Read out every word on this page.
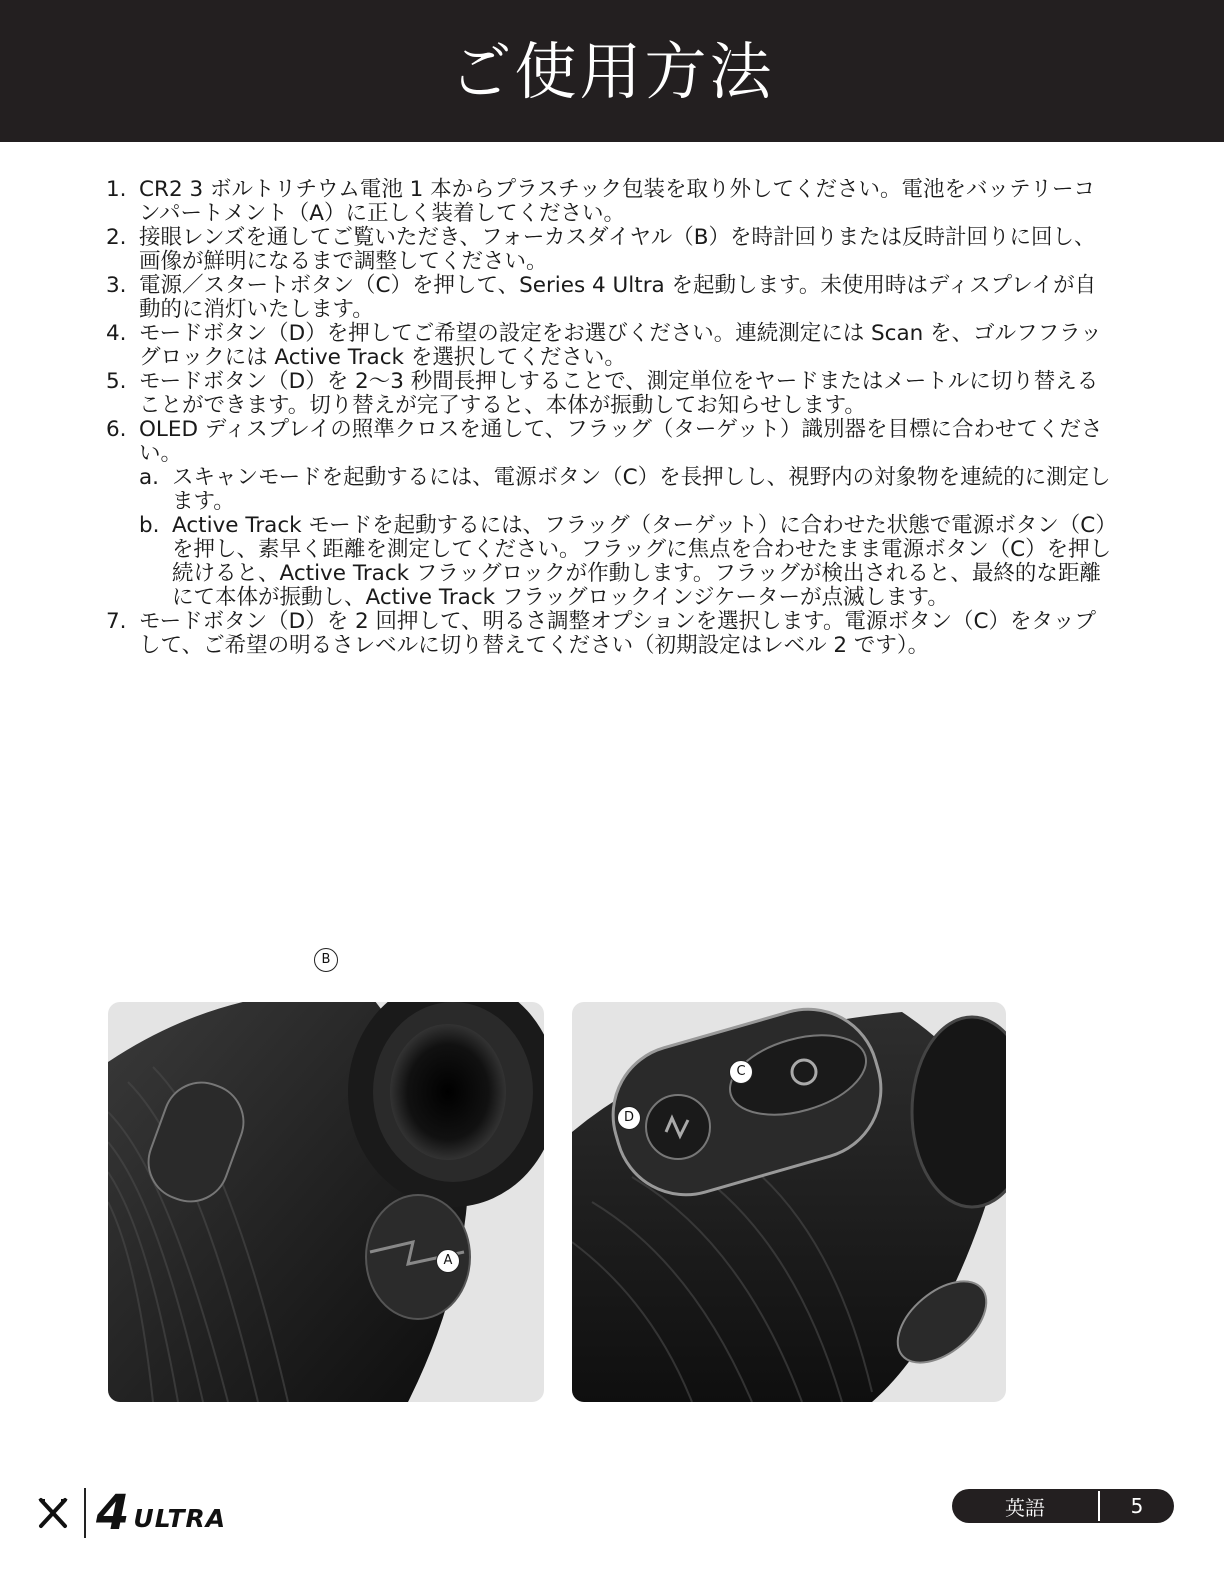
ご使用方法
1. CR2 3 ボルトリチウム電池 1 本からプラスチック包装を取り外してください。電池をバッテリーコンパートメント（A）に正しく装着してください。
2. 接眼レンズを通してご覧いただき、フォーカスダイヤル（B）を時計回りまたは反時計回りに回し、画像が鮮明になるまで調整してください。
3. 電源／スタートボタン（C）を押して、Series 4 Ultra を起動します。未使用時はディスプレイが自動的に消灯いたします。
4. モードボタン（D）を押してご希望の設定をお選びください。連続測定には Scan を、ゴルフフラッグロックには Active Track を選択してください。
5. モードボタン（D）を 2〜3 秒間長押しすることで、測定単位をヤードまたはメートルに切り替えることができます。切り替えが完了すると、本体が振動してお知らせします。
6. OLED ディスプレイの照準クロスを通して、フラッグ（ターゲット）識別器を目標に合わせてください。
a. スキャンモードを起動するには、電源ボタン（C）を長押しし、視野内の対象物を連続的に測定します。
b. Active Track モードを起動するには、フラッグ（ターゲット）に合わせた状態で電源ボタン（C）を押し、素早く距離を測定してください。フラッグに焦点を合わせたまま電源ボタン（C）を押し続けると、Active Track フラッグロックが作動します。フラッグが検出されると、最終的な距離にて本体が振動し、Active Track フラッグロックインジケーターが点滅します。
7. モードボタン（D）を 2 回押して、明るさ調整オプションを選択します。電源ボタン（C）をタップして、ご希望の明るさレベルに切り替えてください（初期設定はレベル 2 です）。
B
A
C
D
4 ULTRA	英語	5
